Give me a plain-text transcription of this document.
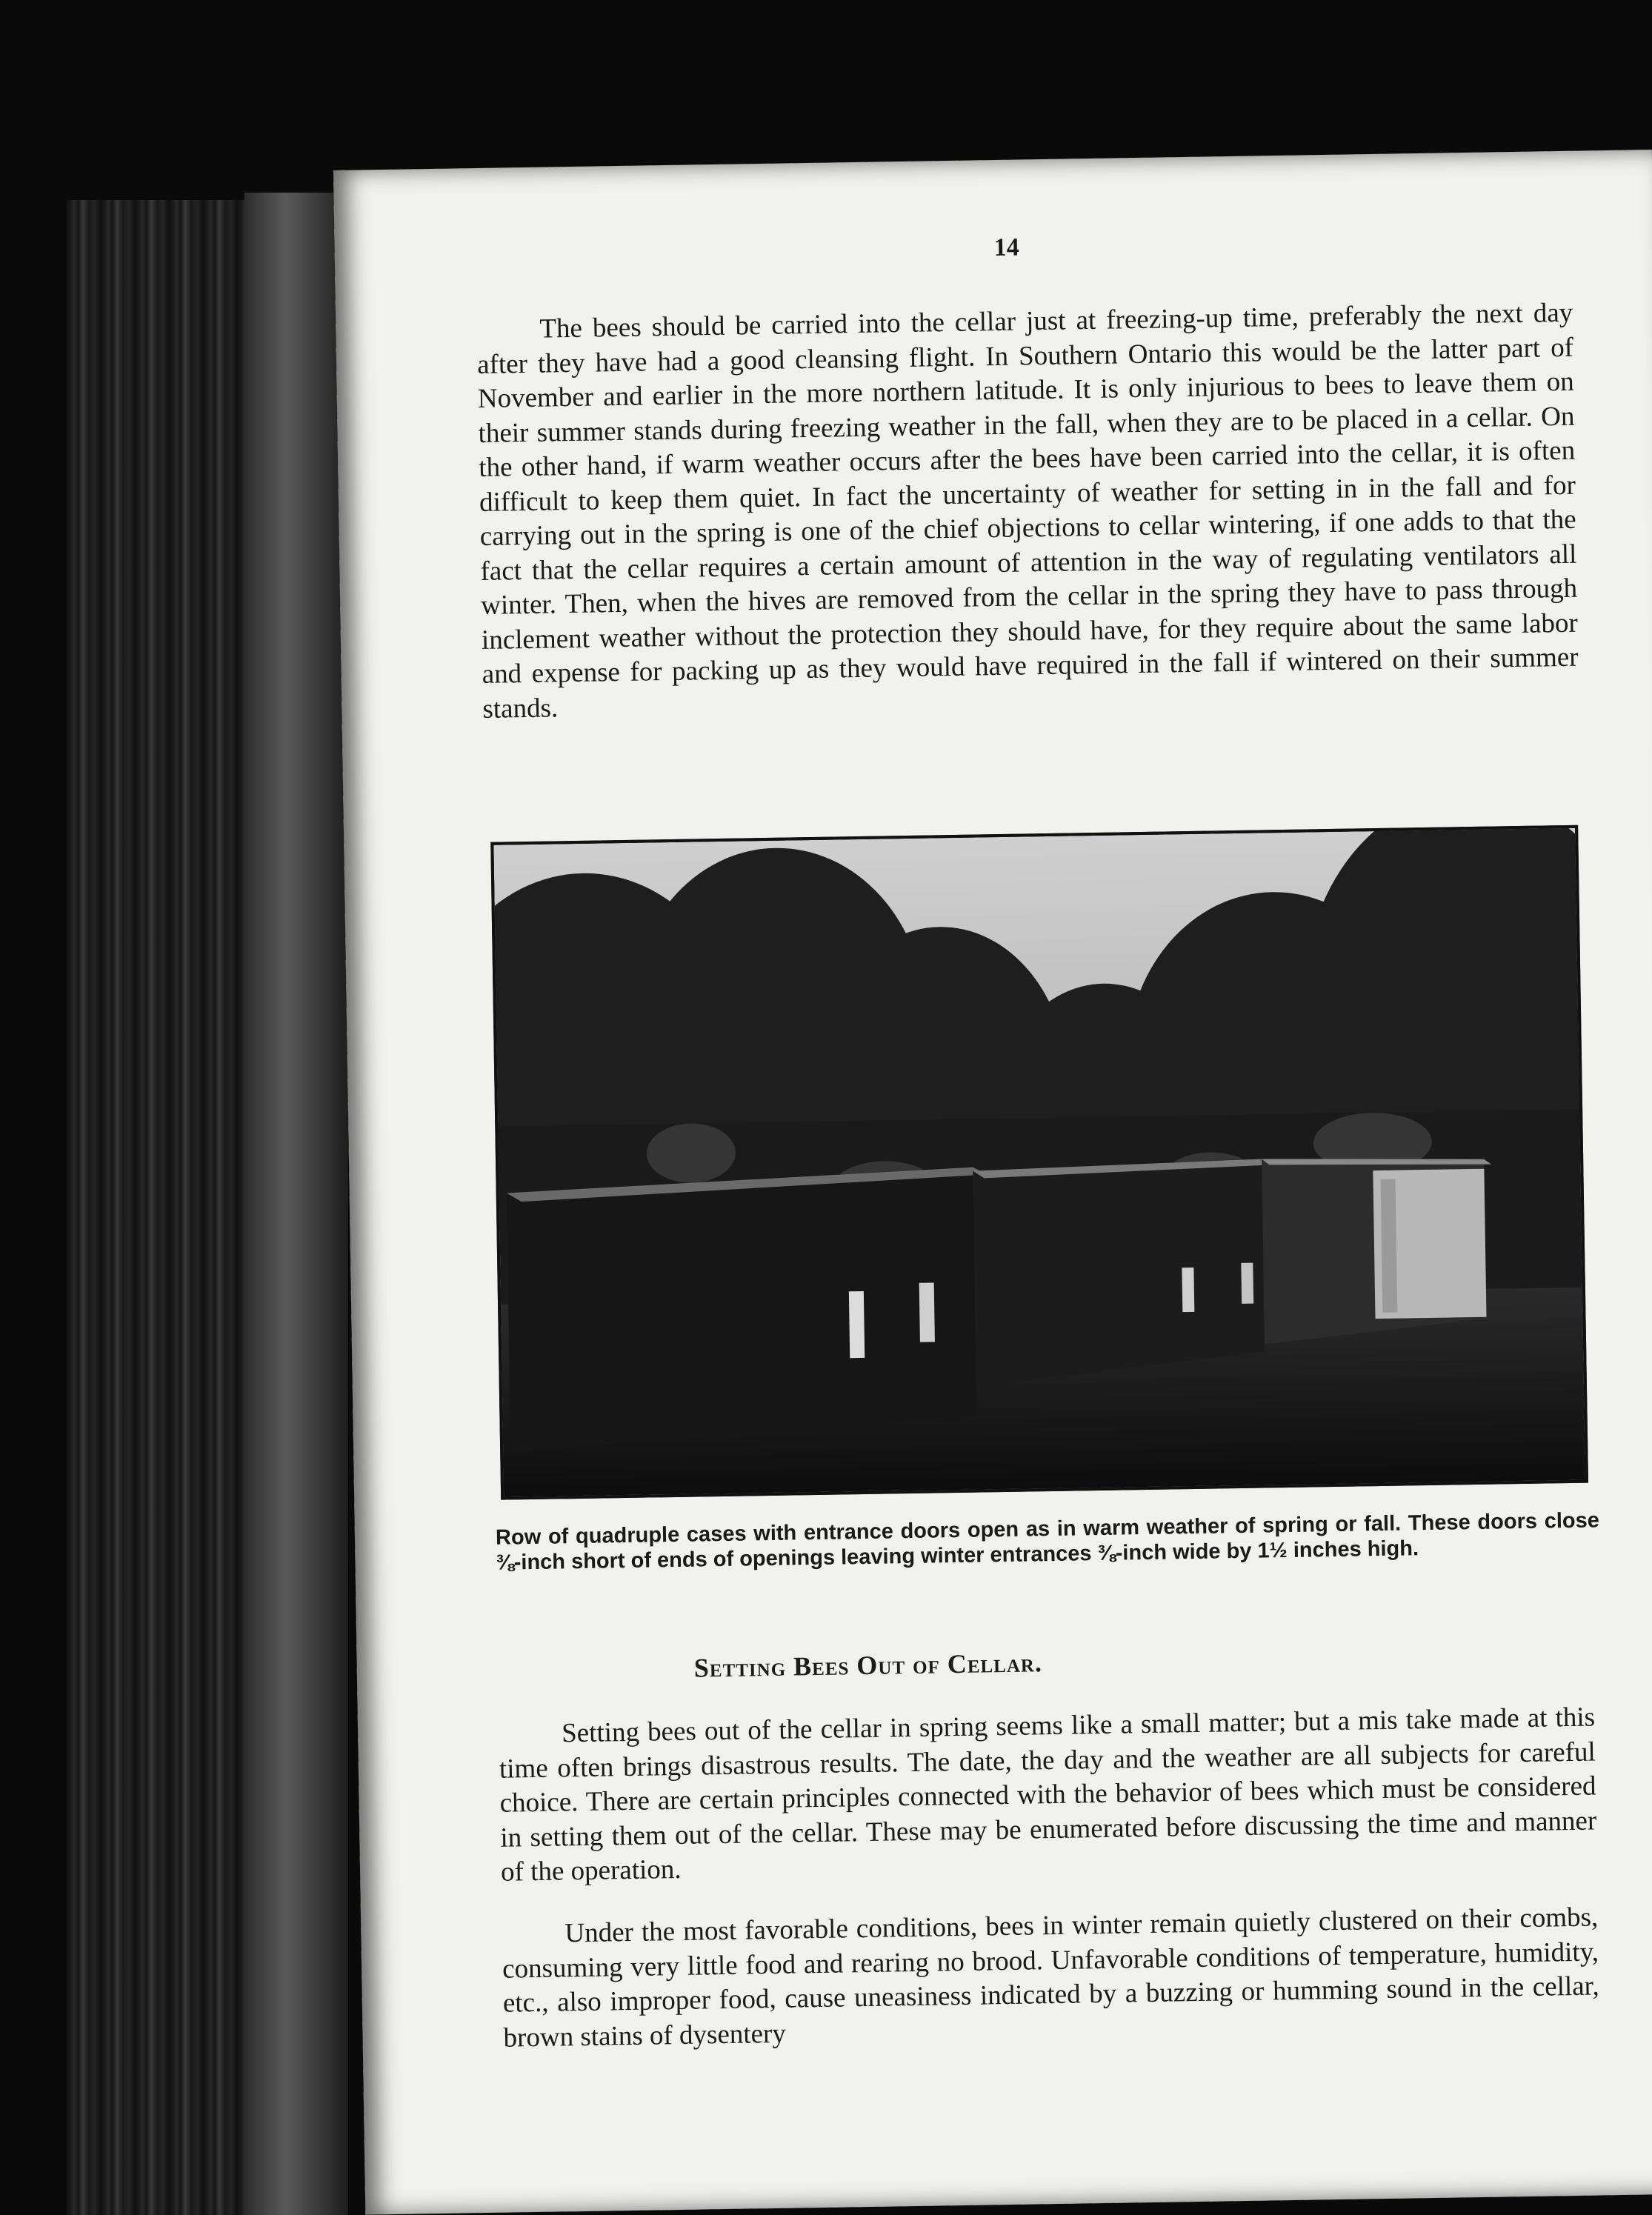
14

The bees should be carried into the cellar just at freezing-up time, preferably the next day after they have had a good cleansing flight. In Southern Ontario this would be the latter part of November and earlier in the more northern latitude. It is only injurious to bees to leave them on their summer stands during freezing weather in the fall, when they are to be placed in a cellar. On the other hand, if warm weather occurs after the bees have been carried into the cellar, it is often difficult to keep them quiet. In fact the uncertainty of weather for setting in in the fall and for carrying out in the spring is one of the chief objections to cellar wintering, if one adds to that the fact that the cellar requires a certain amount of attention in the way of regulating ventilators all winter. Then, when the hives are removed from the cellar in the spring they have to pass through inclement weather without the protection they should have, for they require about the same labor and expense for packing up as they would have required in the fall if wintered on their summer stands.

Row of quadruple cases with entrance doors open as in warm weather of spring or fall. These doors close ⅜-inch short of ends of openings leaving winter entrances ⅜-inch wide by 1½ inches high.

Setting Bees Out of Cellar.

Setting bees out of the cellar in spring seems like a small matter; but a mis take made at this time often brings disastrous results. The date, the day and the weather are all subjects for careful choice. There are certain principles connected with the behavior of bees which must be considered in setting them out of the cellar. These may be enumerated before discussing the time and manner of the operation.

Under the most favorable conditions, bees in winter remain quietly clustered on their combs, consuming very little food and rearing no brood. Unfavorable conditions of temperature, humidity, etc., also improper food, cause uneasiness indicated by a buzzing or humming sound in the cellar, brown stains of dysentery
